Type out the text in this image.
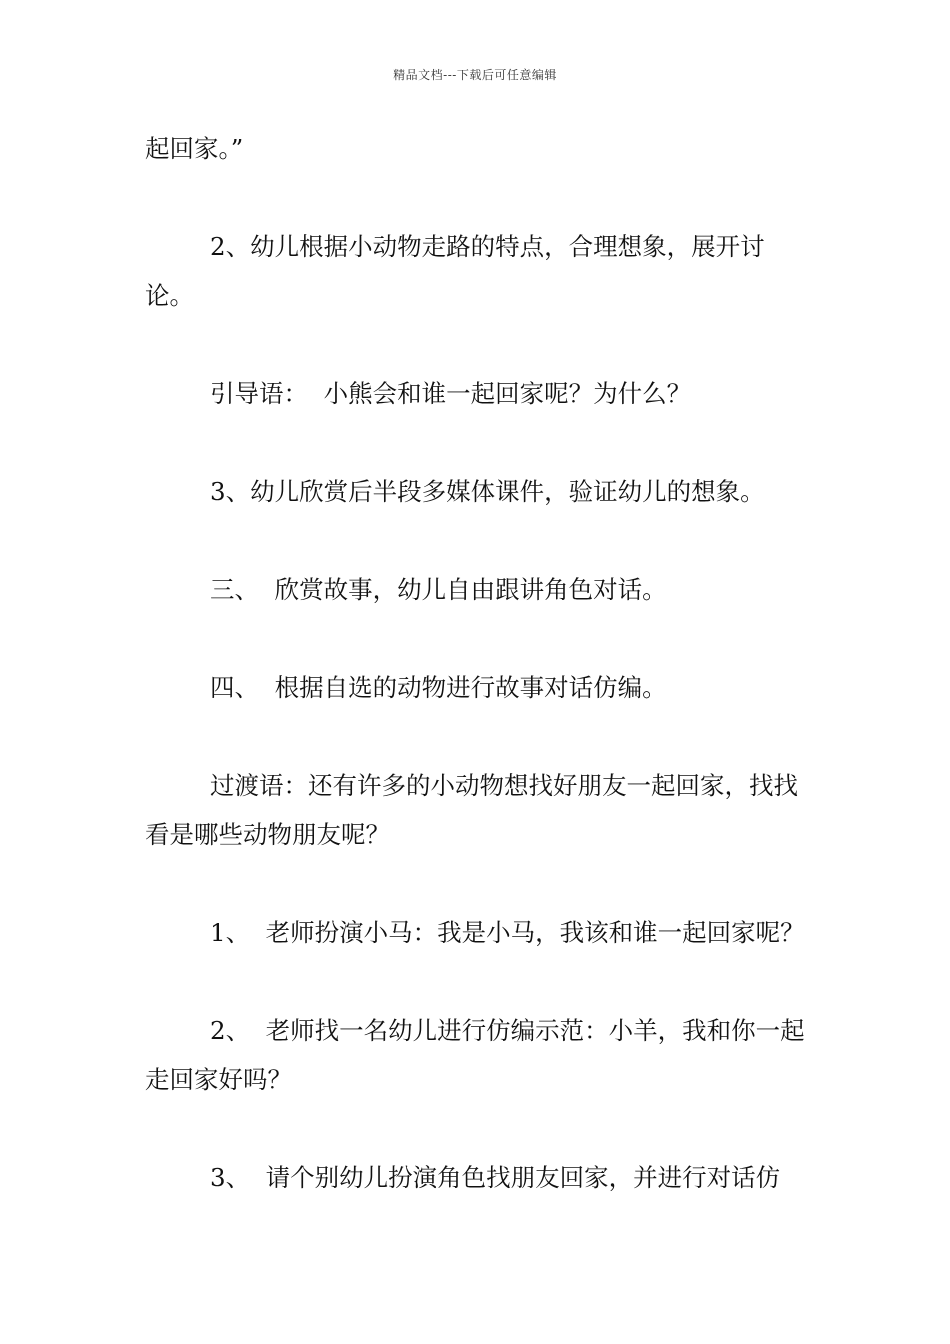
精品文档---下载后可任意编辑

起回家。”

2、幼儿根据小动物走路的特点，合理想象，展开讨论。

引导语：  小熊会和谁一起回家呢？为什么？

3、幼儿欣赏后半段多媒体课件，验证幼儿的想象。

三、  欣赏故事，幼儿自由跟讲角色对话。

四、  根据自选的动物进行故事对话仿编。

过渡语：还有许多的小动物想找好朋友一起回家，找找看是哪些动物朋友呢？

1、  老师扮演小马：我是小马，我该和谁一起回家呢？

2、  老师找一名幼儿进行仿编示范：小羊，我和你一起走回家好吗？

3、  请个别幼儿扮演角色找朋友回家，并进行对话仿
